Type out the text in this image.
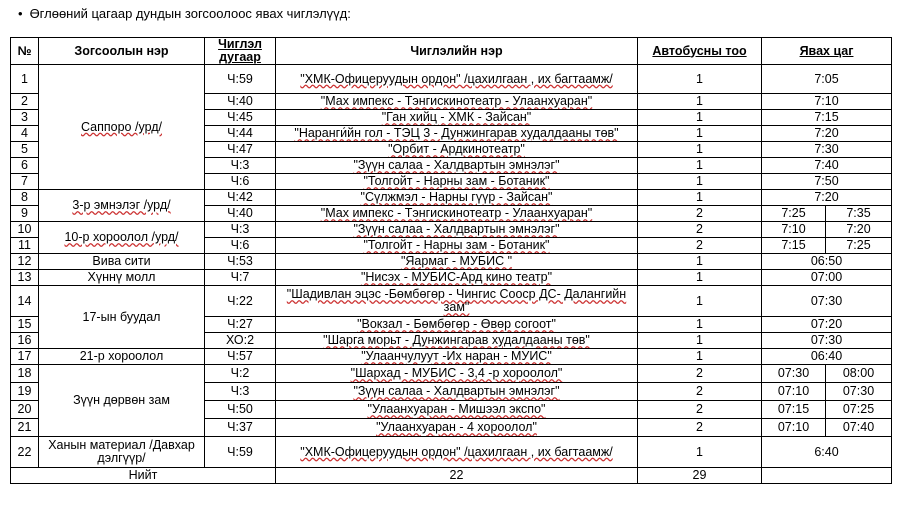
• Өглөөний цагаар дундын зогсоолоос явах чиглэлүүд:
№	Зогсоолын нэр	Чиглэл дугаар	Чиглэлийн нэр	Автобусны тоо	Явах цаг	
1	Саппоро /урд/	Ч:59	"ХМК-Офицеруудын ордон" /цахилгаан , их багтаамж/	1	7:05	
2		Ч:40	"Мах импекс - Тэнгискинотеатр - Улаанхуаран"	1	7:10	
3		Ч:45	"Ган хийц - ХМК - Зайсан"	1	7:15	
4		Ч:44	"Наранги́йн гол - ТЭЦ 3 - Дунжингарав худалдааны төв"	1	7:20	
5		Ч:47	"Орбит - Ардкинотеатр"	1	7:30	
6		Ч:3	"Зүүн салаа - Халдвартын эмнэлэг"	1	7:40	
7		Ч:6	"Толгойт - Нарны зам - Ботаник"	1	7:50	
8	3-р эмнэлэг /урд/	Ч:42	"Сүлжмэл - Нарны гүүр - Зайсан"	1	7:20	
9		Ч:40	"Мах импекс - Тэнгискинотеатр - Улаанхуаран"	2	7:25	7:35
10	10-р хороолол /урд/	Ч:3	"Зүүн салаа - Халдвартын эмнэлэг"	2	7:10	7:20
11		Ч:6	"Толгойт - Нарны зам - Ботаник"	2	7:15	7:25
12	Вива сити	Ч:53	"Яармаг - МУБИС "	1	06:50	
13	Хүннү молл	Ч:7	"Нисэх - МУБИС-Ард кино театр"	1	07:00	
14	17-ын буудал	Ч:22	"Шадивлан эцэс -Бөмбөгөр - Чингис Сооср ДС- Далангийн зам"	1	07:30	
15		Ч:27	"Вокзал - Бөмбөгөр - Өвөр согоот"	1	07:20	
16		ХО:2	"Шарга морьт - Дунжингарав худалдааны төв"	1	07:30	
17	21-р хороолол	Ч:57	"Улаанчулуут -Их наран - МУИС"	1	06:40	
18	Зүүн дөрвөн зам	Ч:2	"Шархад - МУБИС - 3,4 -р хороолол"	2	07:30	08:00
19		Ч:3	"Зүүн салаа - Халдвартын эмнэлэг"	2	07:10	07:30
20		Ч:50	"Улаанхуаран - Мишээл экспо"	2	07:15	07:25
21		Ч:37	"Улаанхуаран - 4 хороолол"	2	07:10	07:40
22	Ханын материал /Давхар дэлгүүр/	Ч:59	"ХМК-Офицеруудын ордон" /цахилгаан , их багтаамж/	1	6:40	
Нийт			22	29		
